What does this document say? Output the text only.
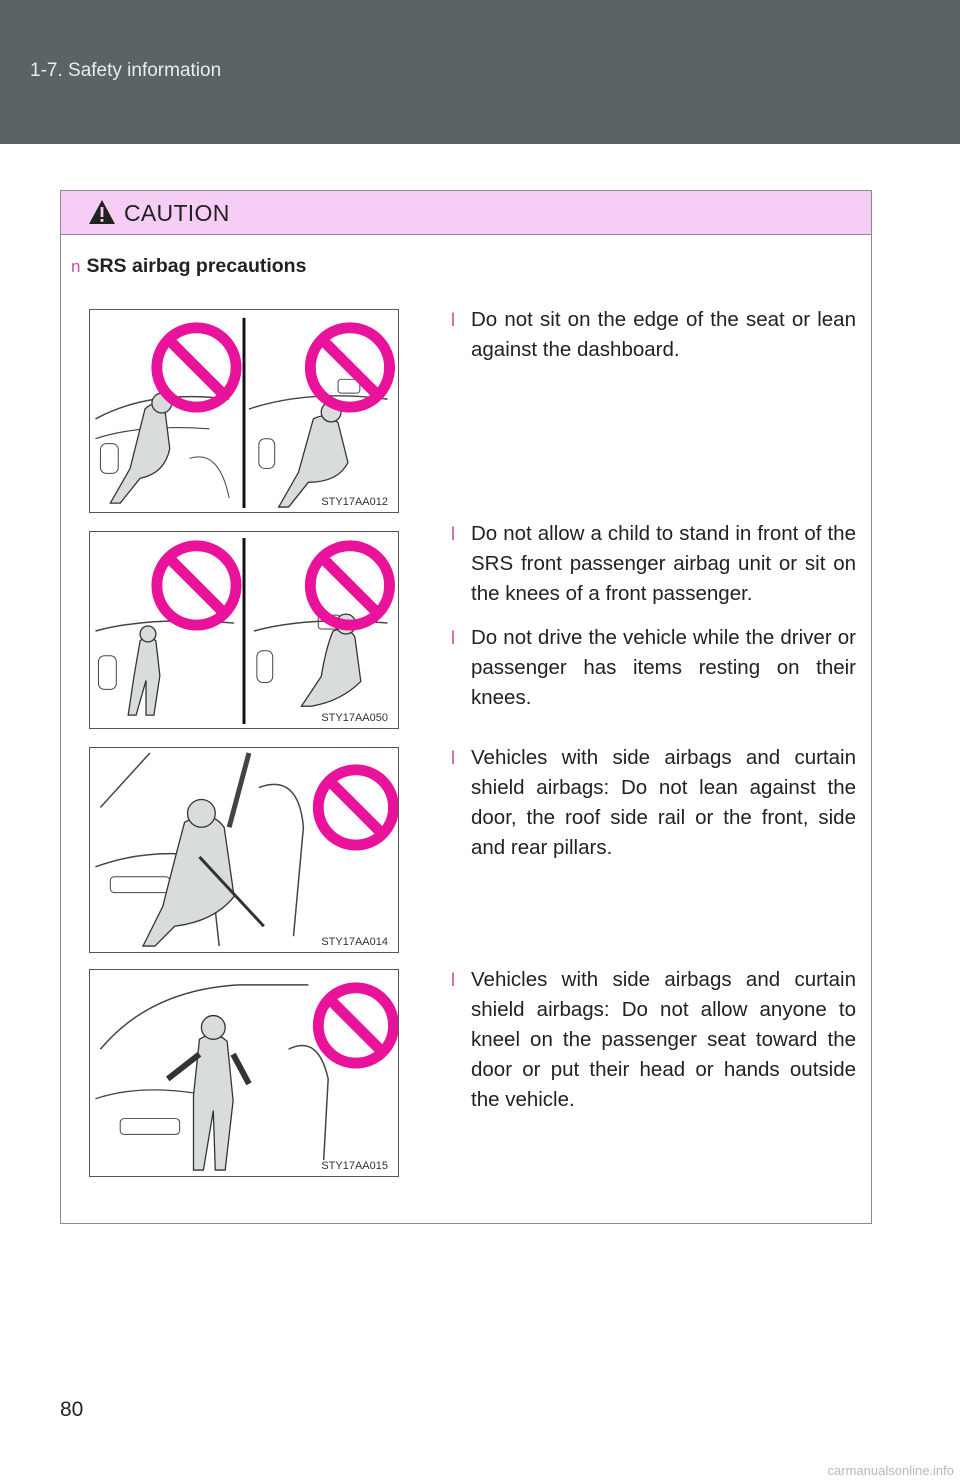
1-7. Safety information
CAUTION
n SRS airbag precautions
STY17AA012
STY17AA050
STY17AA014
STY17AA015
l Do not sit on the edge of the seat or lean against the dashboard.
l Do not allow a child to stand in front of the SRS front passenger airbag unit or sit on the knees of a front passenger.
l Do not drive the vehicle while the driver or passenger has items resting on their knees.
l Vehicles with side airbags and curtain shield airbags: Do not lean against the door, the roof side rail or the front, side and rear pillars.
l Vehicles with side airbags and curtain shield airbags: Do not allow anyone to kneel on the passenger seat toward the door or put their head or hands outside the vehicle.
80
carmanualsonline.info
